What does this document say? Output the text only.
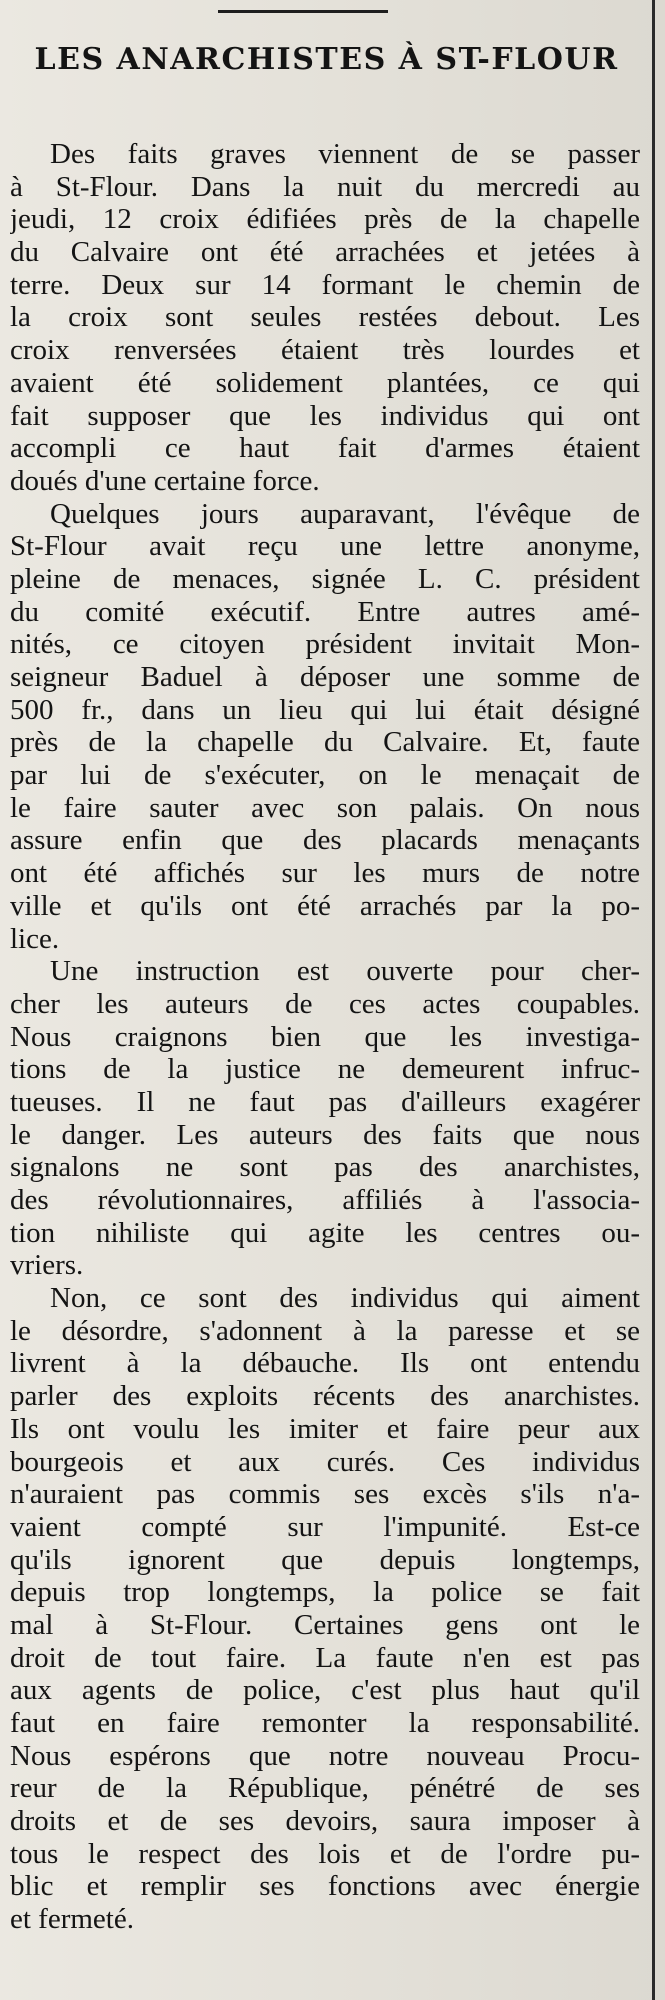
LES ANARCHISTES À ST-FLOUR
Des faits graves viennent de se passer
à St-Flour. Dans la nuit du mercredi au
jeudi, 12 croix édifiées près de la chapelle
du Calvaire ont été arrachées et jetées à
terre. Deux sur 14 formant le chemin de
la croix sont seules restées debout. Les
croix renversées étaient très lourdes et
avaient été solidement plantées, ce qui
fait supposer que les individus qui ont
accompli ce haut fait d'armes étaient
doués d'une certaine force.
Quelques jours auparavant, l'évêque de
St-Flour avait reçu une lettre anonyme,
pleine de menaces, signée L. C. président
du comité exécutif. Entre autres amé-
nités, ce citoyen président invitait Mon-
seigneur Baduel à déposer une somme de
500 fr., dans un lieu qui lui était désigné
près de la chapelle du Calvaire. Et, faute
par lui de s'exécuter, on le menaçait de
le faire sauter avec son palais. On nous
assure enfin que des placards menaçants
ont été affichés sur les murs de notre
ville et qu'ils ont été arrachés par la po-
lice.
Une instruction est ouverte pour cher-
cher les auteurs de ces actes coupables.
Nous craignons bien que les investiga-
tions de la justice ne demeurent infruc-
tueuses. Il ne faut pas d'ailleurs exagérer
le danger. Les auteurs des faits que nous
signalons ne sont pas des anarchistes,
des révolutionnaires, affiliés à l'associa-
tion nihiliste qui agite les centres ou-
vriers.
Non, ce sont des individus qui aiment
le désordre, s'adonnent à la paresse et se
livrent à la débauche. Ils ont entendu
parler des exploits récents des anarchistes.
Ils ont voulu les imiter et faire peur aux
bourgeois et aux curés. Ces individus
n'auraient pas commis ses excès s'ils n'a-
vaient compté sur l'impunité. Est-ce
qu'ils ignorent que depuis longtemps,
depuis trop longtemps, la police se fait
mal à St-Flour. Certaines gens ont le
droit de tout faire. La faute n'en est pas
aux agents de police, c'est plus haut qu'il
faut en faire remonter la responsabilité.
Nous espérons que notre nouveau Procu-
reur de la République, pénétré de ses
droits et de ses devoirs, saura imposer à
tous le respect des lois et de l'ordre pu-
blic et remplir ses fonctions avec énergie
et fermeté.
